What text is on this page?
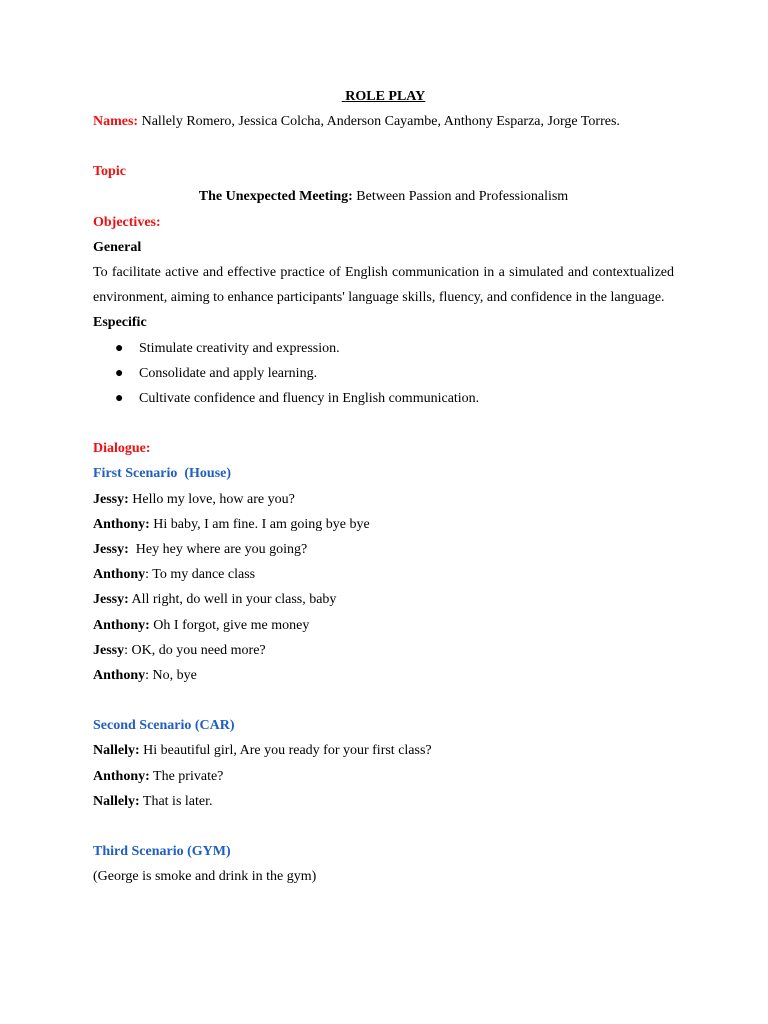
ROLE PLAY
Names: Nallely Romero, Jessica Colcha, Anderson Cayambe, Anthony Esparza, Jorge Torres.
Topic
The Unexpected Meeting: Between Passion and Professionalism
Objectives:
General
To facilitate active and effective practice of English communication in a simulated and contextualized environment, aiming to enhance participants' language skills, fluency, and confidence in the language.
Especific
● Stimulate creativity and expression.
● Consolidate and apply learning.
● Cultivate confidence and fluency in English communication.
Dialogue:
First Scenario  (House)
Jessy: Hello my love, how are you?
Anthony: Hi baby, I am fine. I am going bye bye
Jessy:  Hey hey where are you going?
Anthony: To my dance class
Jessy: All right, do well in your class, baby
Anthony: Oh I forgot, give me money
Jessy: OK, do you need more?
Anthony: No, bye
Second Scenario (CAR)
Nallely: Hi beautiful girl, Are you ready for your first class?
Anthony: The private?
Nallely: That is later.
Third Scenario (GYM)
(George is smoke and drink in the gym)
